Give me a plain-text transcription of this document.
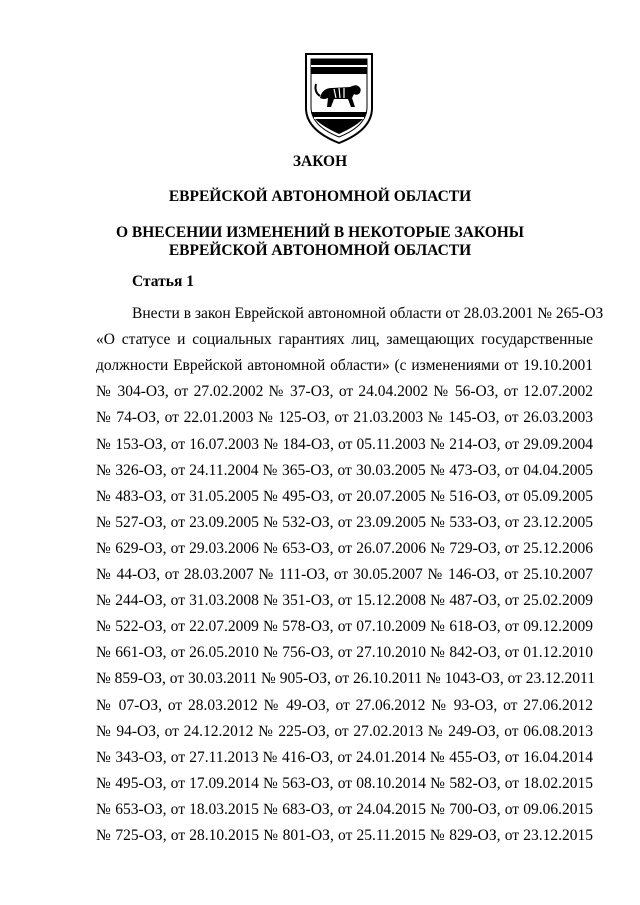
ЗАКОН
ЕВРЕЙСКОЙ АВТОНОМНОЙ ОБЛАСТИ
О ВНЕСЕНИИ ИЗМЕНЕНИЙ В НЕКОТОРЫЕ ЗАКОНЫ
ЕВРЕЙСКОЙ АВТОНОМНОЙ ОБЛАСТИ
Статья 1
Внести в закон Еврейской автономной области от 28.03.2001 № 265-ОЗ
«О статусе и социальных гарантиях лиц, замещающих государственные
должности Еврейской автономной области» (с изменениями от 19.10.2001
№ 304-ОЗ, от 27.02.2002 № 37-ОЗ, от 24.04.2002 № 56-ОЗ, от 12.07.2002
№ 74-ОЗ, от 22.01.2003 № 125-ОЗ, от 21.03.2003 № 145-ОЗ, от 26.03.2003
№ 153-ОЗ, от 16.07.2003 № 184-ОЗ, от 05.11.2003 № 214-ОЗ, от 29.09.2004
№ 326-ОЗ, от 24.11.2004 № 365-ОЗ, от 30.03.2005 № 473-ОЗ, от 04.04.2005
№ 483-ОЗ, от 31.05.2005 № 495-ОЗ, от 20.07.2005 № 516-ОЗ, от 05.09.2005
№ 527-ОЗ, от 23.09.2005 № 532-ОЗ, от 23.09.2005 № 533-ОЗ, от 23.12.2005
№ 629-ОЗ, от 29.03.2006 № 653-ОЗ, от 26.07.2006 № 729-ОЗ, от 25.12.2006
№ 44-ОЗ, от 28.03.2007 № 111-ОЗ, от 30.05.2007 № 146-ОЗ, от 25.10.2007
№ 244-ОЗ, от 31.03.2008 № 351-ОЗ, от 15.12.2008 № 487-ОЗ, от 25.02.2009
№ 522-ОЗ, от 22.07.2009 № 578-ОЗ, от 07.10.2009 № 618-ОЗ, от 09.12.2009
№ 661-ОЗ, от 26.05.2010 № 756-ОЗ, от 27.10.2010 № 842-ОЗ, от 01.12.2010
№ 859-ОЗ, от 30.03.2011 № 905-ОЗ, от 26.10.2011 № 1043-ОЗ, от 23.12.2011
№ 07-ОЗ, от 28.03.2012 № 49-ОЗ, от 27.06.2012 № 93-ОЗ, от 27.06.2012
№ 94-ОЗ, от 24.12.2012 № 225-ОЗ, от 27.02.2013 № 249-ОЗ, от 06.08.2013
№ 343-ОЗ, от 27.11.2013 № 416-ОЗ, от 24.01.2014 № 455-ОЗ, от 16.04.2014
№ 495-ОЗ, от 17.09.2014 № 563-ОЗ, от 08.10.2014 № 582-ОЗ, от 18.02.2015
№ 653-ОЗ, от 18.03.2015 № 683-ОЗ, от 24.04.2015 № 700-ОЗ, от 09.06.2015
№ 725-ОЗ, от 28.10.2015 № 801-ОЗ, от 25.11.2015 № 829-ОЗ, от 23.12.2015
